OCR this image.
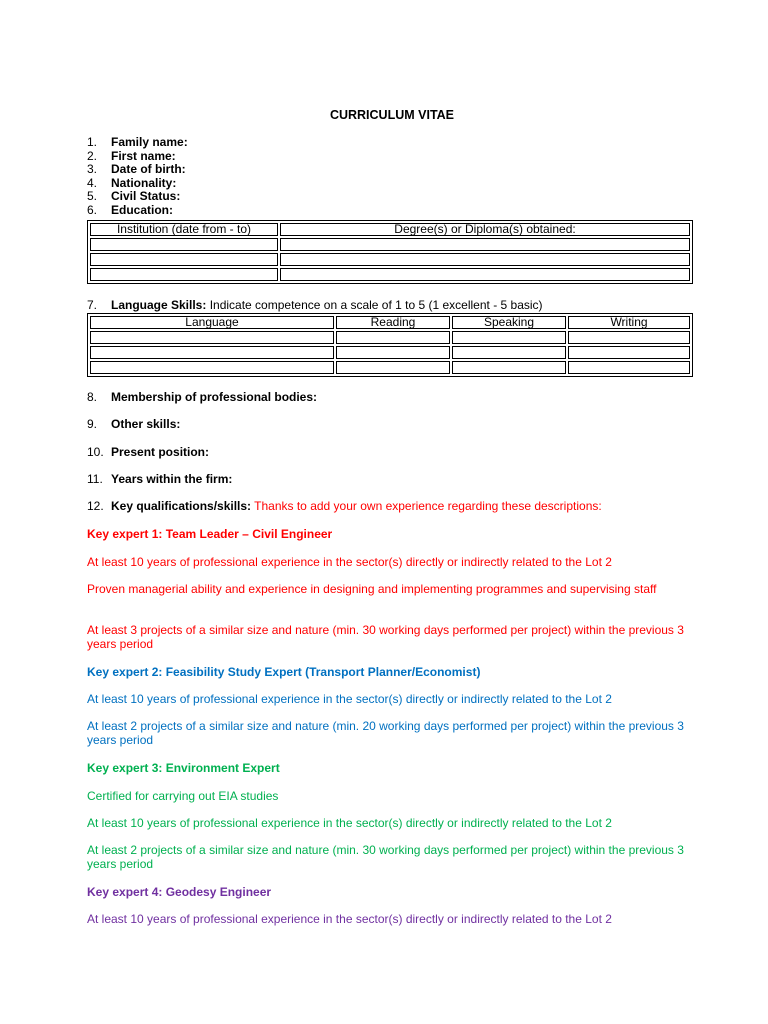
CURRICULUM VITAE
1. Family name:
2. First name:
3. Date of birth:
4. Nationality:
5. Civil Status:
6. Education:
Institution (date from - to)	Degree(s) or Diploma(s) obtained:

7. Language Skills: Indicate competence on a scale of 1 to 5 (1 excellent - 5 basic)
Language	Reading	Speaking	Writing

8. Membership of professional bodies:
9. Other skills:
10. Present position:
11. Years within the firm:
12. Key qualifications/skills: Thanks to add your own experience regarding these descriptions:
Key expert 1: Team Leader – Civil Engineer
At least 10 years of professional experience in the sector(s) directly or indirectly related to the Lot 2
Proven managerial ability and experience in designing and implementing programmes and supervising staff
At least 3 projects of a similar size and nature (min. 30 working days performed per project) within the previous 3 years period
Key expert 2: Feasibility Study Expert (Transport Planner/Economist)
At least 10 years of professional experience in the sector(s) directly or indirectly related to the Lot 2
At least 2 projects of a similar size and nature (min. 20 working days performed per project) within the previous 3 years period
Key expert 3: Environment Expert
Certified for carrying out EIA studies
At least 10 years of professional experience in the sector(s) directly or indirectly related to the Lot 2
At least 2 projects of a similar size and nature (min. 30 working days performed per project) within the previous 3 years period
Key expert 4: Geodesy Engineer
At least 10 years of professional experience in the sector(s) directly or indirectly related to the Lot 2
